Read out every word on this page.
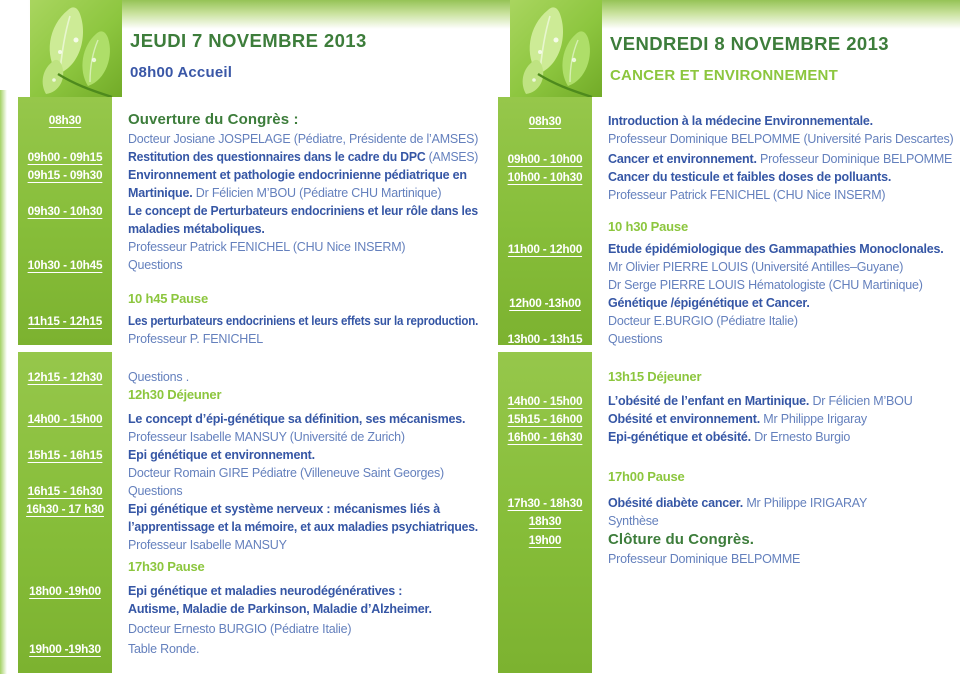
JEUDI 7 NOVEMBRE 2013
08h00 Accueil
VENDREDI 8 NOVEMBRE 2013
CANCER ET ENVIRONNEMENT
08h30	Ouverture du Congrès :
Docteur Josiane JOSPELAGE (Pédiatre, Présidente de l’AMSES)
09h00 - 09h15	Restitution des questionnaires dans le cadre du DPC (AMSES)
09h15 - 09h30	Environnement et pathologie endocrinienne pédiatrique en
Martinique. Dr Félicien M’BOU (Pédiatre CHU Martinique)
09h30 - 10h30	Le concept de Perturbateurs endocriniens et leur rôle dans les
maladies métaboliques.
Professeur Patrick FENICHEL (CHU Nice INSERM)
10h30 - 10h45	Questions
10 h45 Pause
11h15 - 12h15	Les perturbateurs endocriniens et leurs effets sur la reproduction.
Professeur P. FENICHEL
12h15 - 12h30	Questions .
12h30 Déjeuner
14h00 - 15h00	Le concept d’épi-génétique sa définition, ses mécanismes.
Professeur Isabelle MANSUY (Université de Zurich)
15h15 - 16h15	Epi génétique et environnement.
Docteur Romain GIRE Pédiatre (Villeneuve Saint Georges)
16h15 - 16h30	Questions
16h30 - 17 h30	Epi génétique et système nerveux : mécanismes liés à
l’apprentissage et la mémoire, et aux maladies psychiatriques.
Professeur Isabelle MANSUY
17h30 Pause
18h00 -19h00	Epi génétique et maladies neurodégénératives :
Autisme, Maladie de Parkinson, Maladie d’Alzheimer.
Docteur Ernesto BURGIO (Pédiatre Italie)
19h00 -19h30	Table Ronde.
08h30	Introduction à la médecine Environnementale.
Professeur Dominique BELPOMME (Université Paris Descartes)
09h00 - 10h00	Cancer et environnement. Professeur Dominique BELPOMME
10h00 - 10h30	Cancer du testicule et faibles doses de polluants.
Professeur Patrick FENICHEL (CHU Nice INSERM)
10 h30 Pause
11h00 - 12h00	Etude épidémiologique des Gammapathies Monoclonales.
Mr Olivier PIERRE LOUIS (Université Antilles–Guyane)
Dr Serge PIERRE LOUIS Hématologiste (CHU Martinique)
12h00 -13h00	Génétique /épigénétique et Cancer.
Docteur E.BURGIO (Pédiatre Italie)
13h00 - 13h15	Questions
13h15 Déjeuner
14h00 - 15h00	L’obésité de l’enfant en Martinique. Dr Félicien M’BOU
15h15 - 16h00	Obésité et environnement. Mr Philippe Irigaray
16h00 - 16h30	Epi-génétique et obésité. Dr Ernesto Burgio
17h00 Pause
17h30 - 18h30	Obésité diabète cancer. Mr Philippe IRIGARAY
18h30	Synthèse
19h00	Clôture du Congrès.
Professeur Dominique BELPOMME
